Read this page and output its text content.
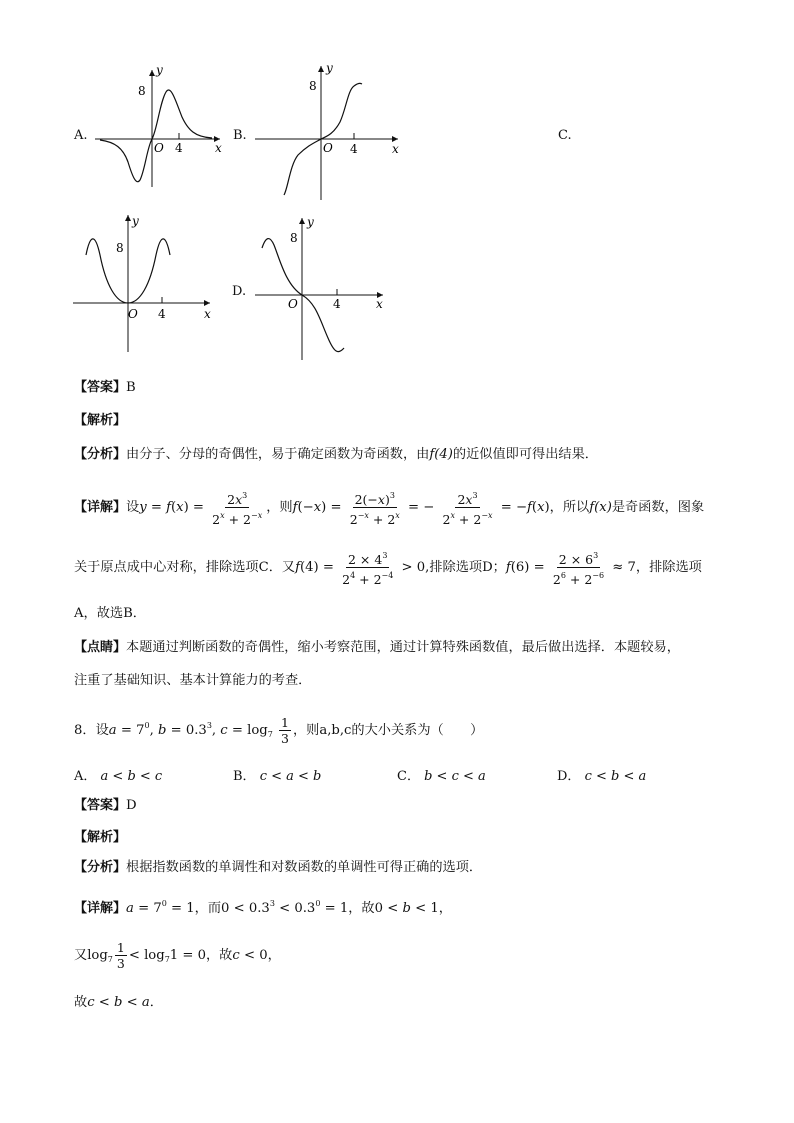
A.
y
8
O 4	x
B.
y
8
O 4	x
C.
y
8
O 4	x
D.
y
8
O	4	x
【答案】B
【解析】
【分析】由分子、分母的奇偶性，易于确定函数为奇函数，由f(4)的近似值即可得出结果．
【详解】设$y = f(x) = \frac{2x^3}{2^x + 2^{-x}}$ ，则$f(-x) = \frac{2(-x)^3}{2^{-x} + 2^x}$ = − $\frac{2x^3}{2^x + 2^{-x}} = -f(x)$，所以f(x)是奇函数，图象
关于原点成中心对称，排除选项C．又$f(4) = \frac{2 \times 4^3}{2^4 + 2^{-4}} > 0$,排除选项D；$f(6) = \frac{2 \times 6^3}{2^6 + 2^{-6}} \approx 7$，排除选项
A，故选B．
【点睛】本题通过判断函数的奇偶性，缩小考察范围，通过计算特殊函数值，最后做出选择．本题较易，
注重了基础知识、基本计算能力的考查．
8．设$a = 7^0$, $b = 0.3^3$, $c = \log_7 \frac{1}{3}$ ，则a,b,c的大小关系为（　　）
A． a < b < c	B． c < a < b	C． b < c < a	D． c < b < a
【答案】D
【解析】
【分析】根据指数函数的单调性和对数函数的单调性可得正确的选项．
【详解】$a = 7^0 = 1$，而$0 < 0.3^3 < 0.3^0 = 1$，故0 < b < 1，
又$\log_7 \frac{1}{3} < \log_71 = 0$，故c < 0，
故c < b < a．
